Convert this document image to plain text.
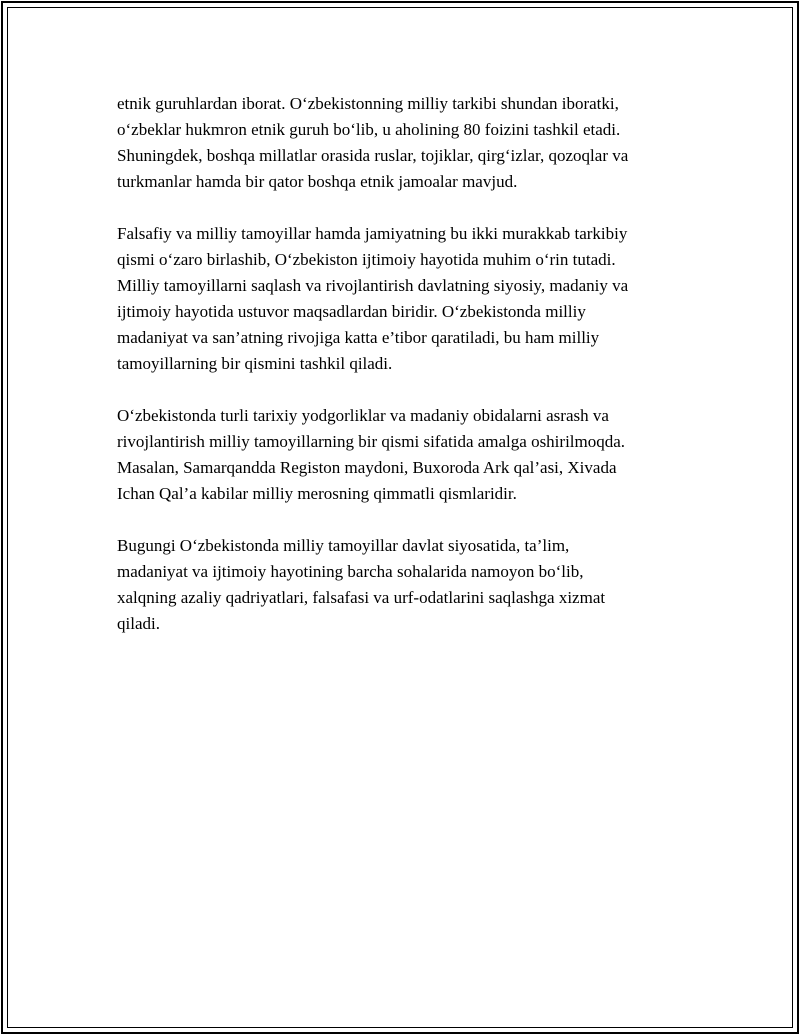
etnik guruhlardan iborat. O‘zbekistonning milliy tarkibi shundan iboratki,
o‘zbeklar hukmron etnik guruh bo‘lib, u aholining 80 foizini tashkil etadi.
Shuningdek, boshqa millatlar orasida ruslar, tojiklar, qirg‘izlar, qozoqlar va
turkmanlar hamda bir qator boshqa etnik jamoalar mavjud.

Falsafiy va milliy tamoyillar hamda jamiyatning bu ikki murakkab tarkibiy
qismi o‘zaro birlashib, O‘zbekiston ijtimoiy hayotida muhim o‘rin tutadi.
Milliy tamoyillarni saqlash va rivojlantirish davlatning siyosiy, madaniy va
ijtimoiy hayotida ustuvor maqsadlardan biridir. O‘zbekistonda milliy
madaniyat va san’atning rivojiga katta e’tibor qaratiladi, bu ham milliy
tamoyillarning bir qismini tashkil qiladi.

O‘zbekistonda turli tarixiy yodgorliklar va madaniy obidalarni asrash va
rivojlantirish milliy tamoyillarning bir qismi sifatida amalga oshirilmoqda.
Masalan, Samarqandda Registon maydoni, Buxoroda Ark qal’asi, Xivada
Ichan Qal’a kabilar milliy merosning qimmatli qismlaridir.

Bugungi O‘zbekistonda milliy tamoyillar davlat siyosatida, ta’lim,
madaniyat va ijtimoiy hayotining barcha sohalarida namoyon bo‘lib,
xalqning azaliy qadriyatlari, falsafasi va urf-odatlarini saqlashga xizmat
qiladi.
